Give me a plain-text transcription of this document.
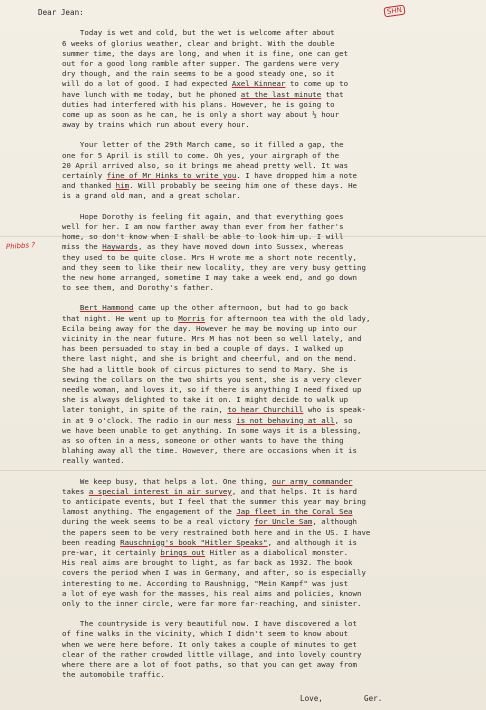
SHN
Phibbs ?
Dear Jean:
Today is wet and cold, but the wet is welcome after about
6 weeks of glorius weather, clear and bright. With the double
summer time, the days are long, and when it is fine, one can get
out for a good long ramble after supper. The gardens were very
dry though, and the rain seems to be a good steady one, so it
will do a lot of good. I had expected Axel Kinnear to come up to
have lunch with me today, but he phoned at the last minute that
duties had interfered with his plans. However, he is going to
come up as soon as he can, he is only a short way about ½ hour
away by trains which run about every hour.
Your letter of the 29th March came, so it filled a gap, the
one for 5 April is still to come. Oh yes, your airgraph of the
20 April arrived also, so it brings me ahead pretty well. It was
certainly fine of Mr Hinks to write you. I have dropped him a note
and thanked him. Will probably be seeing him one of these days. He
is a grand old man, and a great scholar.
Hope Dorothy is feeling fit again, and that everything goes
well for her. I am now farther away than ever from her father's
home, so don't know when I shall be able to look him up. I will
miss the Haywards, as they have moved down into Sussex, whereas
they used to be quite close. Mrs H wrote me a short note recently,
and they seem to like their new locality, they are very busy getting
the new home arranged, sometime I may take a week end, and go down
to see them, and Dorothy's father.
Bert Hammond came up the other afternoon, but had to go back
that night. He went up to Morris for afternoon tea with the old lady,
Ecila being away for the day. However he may be moving up into our
vicinity in the near future. Mrs M has not been so well lately, and
has been persuaded to stay in bed a couple of days. I walked up
there last night, and she is bright and cheerful, and on the mend.
She had a little book of circus pictures to send to Mary. She is
sewing the collars on the two shirts you sent, she is a very clever
needle woman, and loves it, so if there is anything I need fixed up
she is always delighted to take it on. I might decide to walk up
later tonight, in spite of the rain, to hear Churchill who is speak-
in at 9 o'clock. The radio in our mess is not behaving at all, so
we have been unable to get anything. In some ways it is a blessing,
as so often in a mess, someone or other wants to have the thing
blahing away all the time. However, there are occasions when it is
really wanted.
We keep busy, that helps a lot. One thing, our army commander
takes a special interest in air survey, and that helps. It is hard
to anticipate events, but I feel that the summer this year may bring
lamost anything. The engagement of the Jap fleet in the Coral Sea
during the week seems to be a real victory for Uncle Sam, although
the papers seem to be very restrained both here and in the US. I have
been reading Rauschnigg's book "Hitler Speaks", and although it is
pre-war, it certainly brings out Hitler as a diabolical monster.
His real aims are brought to light, as far back as 1932. The book
covers the period when I was in Germany, and after, so is especially
interesting to me. According to Raushnigg, "Mein Kampf" was just
a lot of eye wash for the masses, his real aims and policies, known
only to the inner circle, were far more far-reaching, and sinister.
The countryside is very beautiful now. I have discovered a lot
of fine walks in the vicinity, which I didn't seem to know about
when we were here before. It only takes a couple of minutes to get
clear of the rather crowded little village, and into lovely country
where there are a lot of foot paths, so that you can get away from
the automobile traffic.
Love,	Ger.
